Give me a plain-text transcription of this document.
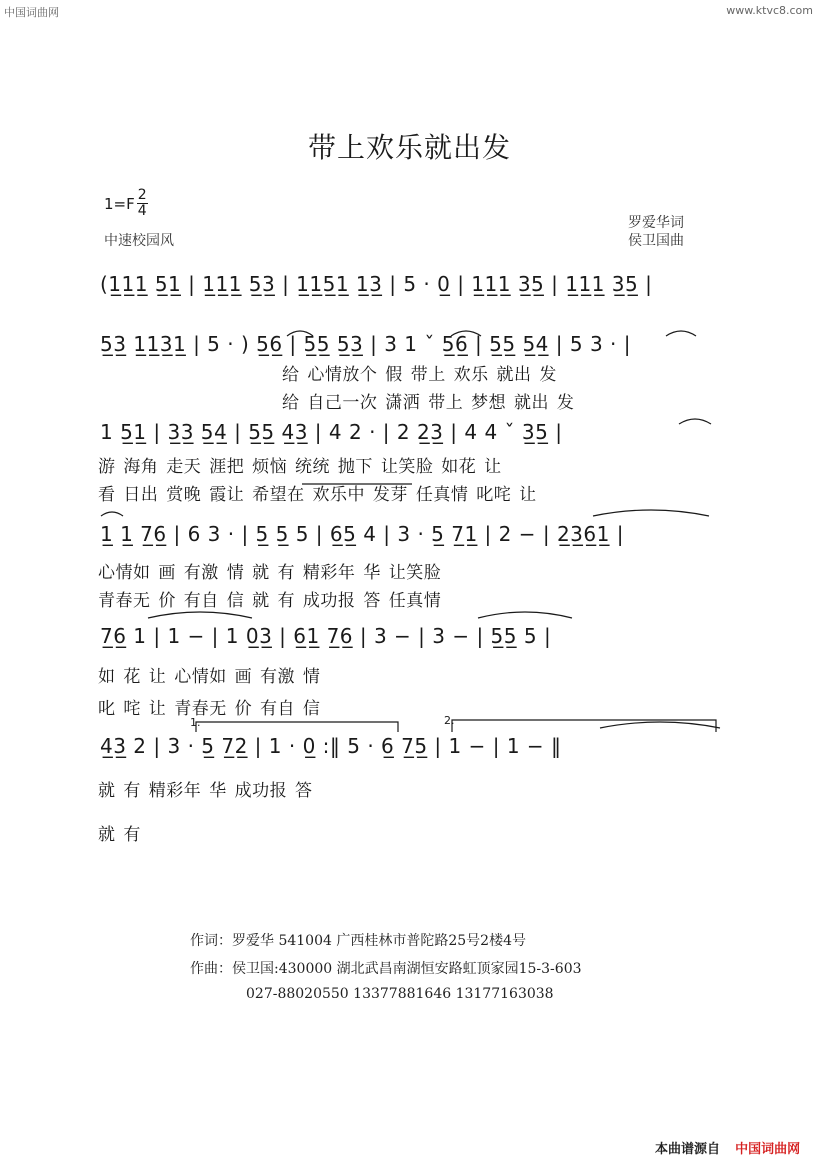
中国词曲网	www.ktvc8.com
带上欢乐就出发
$1=F \frac{2}{4}$
中速校园风
罗爱华词
侯卫国曲
(1̲1̲1̲ 5̲1̲ | 1̲1̲1̲ 5̲3̲ | 1̲1̲5̲1̲ 1̲3̲ | 5 · 0̲ | 1̲1̲1̲ 3̲5̲ | 1̲1̲1̲ 3̲5̲ |
5̲3̲ 1̲1̲3̲1̲ | 5 · ) 5̲6̲ | 5̲5̲ 5̲3̲ | 3 1 ˇ 5̲6̲ | 5̲5̲ 5̲4̲ | 5 3 · |
给 心情放个 假 带上 欢乐 就出 发
给 自己一次 潇洒 带上 梦想 就出 发
1 5̲1̲ | 3̲3̲ 5̲4̲ | 5̲5̲ 4̲3̲ | 4 2 · | 2 2̲3̲ | 4 4 ˇ 3̲5̲ |
游 海角 走天 涯把 烦恼 统统 抛下 让笑脸 如花 让
看 日出 赏晚 霞让 希望在 欢乐中 发芽 任真情 叱咤 让
1̲ 1̲ 7̲6̲ | 6 3 · | 5̲ 5̲ 5 | 6̲5̲ 4 | 3 · 5̲ 7̲1̲ | 2 − | 2̲3̲6̲1̲ |
心情如 画 有激 情 就 有 精彩年 华 让笑脸
青春无 价 有自 信 就 有 成功报 答 任真情
7̲6̲ 1 | 1 − | 1 0̲3̲ | 6̲1̲ 7̲6̲ | 3 − | 3 − | 5̲5̲ 5 |
如 花 让 心情如 画 有激 情
叱 咤 让 青春无 价 有自 信
1.	2.
4̲3̲ 2 | 3 · 5̲ 7̲2̲ | 1 · 0̲ :‖ 5 · 6̲ 7̲5̲ | 1 − | 1 − ‖
就 有 精彩年 华 成功报 答
就 有
作词：罗爱华 541004 广西桂林市普陀路25号2楼4号
作曲：侯卫国:430000 湖北武昌南湖恒安路虹顶家园15-3-603
027-88020550 13377881646 13177163038
本曲谱源自 中国词曲网
